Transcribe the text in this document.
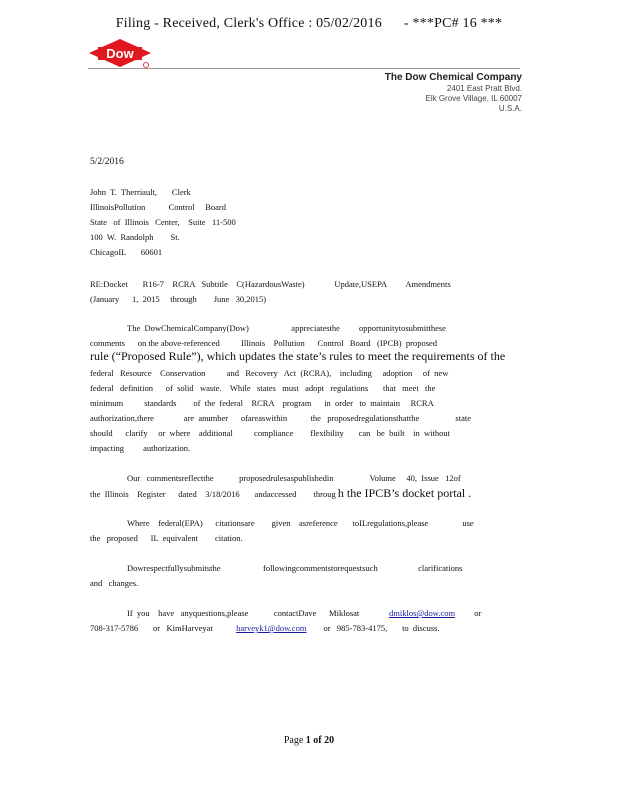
Filing - Received, Clerk's Office : 05/02/2016 - ***PC# 16 ***
Dow
The Dow Chemical Company
2401 East Pratt Blvd.
Elk Grove Village, IL 60007
U.S.A.
5/2/2016
John  T.  Therriault,       Clerk
IllinoisPollution           Control     Board
State   of  Illinois   Center,    Suite   11-500
100  W.  Randolph        St.
ChicagoIL       60601
RE:Docket       R16-7    RCRA   Subtitle    C(HazardousWaste)              Update,USEPA         Amendments
(January      1,  2015     through        June   30,2015)
The  DowChemicalCompany(Dow)                    appreciatesthe         opportunitytosubmitthese
comments      on the above-referenced          Illinois    Pollution      Control   Board   (IPCB)  proposed
rule (“Proposed Rule”), which updates the state’s rules to meet the requirements of the
federal   Resource    Conservation          and   Recovery   Act  (RCRA),    including     adoption     of  new
federal   definition      of  solid   waste.    While   states   must   adopt   regulations       that   meet   the
minimum          standards        of  the  federal    RCRA    program      in  order   to  maintain     RCRA
authorization,there              are  anumber      ofareaswithin           the   proposedregulationsthatthe                 state
should      clarify     or  where    additional          compliance        flexibility       can   be  built    in  without
impacting         authorization.
Our   commentsreflectthe            proposedrulesaspublishedin                 Volume     40,  Issue   12of
the  Illinois    Register      dated    3/18/2016       andaccessed        throug h the IPCB’s docket portal .
Where    federal(EPA)      citationsare        given    asreference       toILregulations,please                use
the   proposed      IL  equivalent        citation.
Dowrespectfullysubmitsthe                    followingcommentstorequestsuch                   clarifications
and   changes.
If  you    have   anyquestions,please            contactDave      Miklosat	dmiklos@dow.com or
708-317-5786       or   KimHarveyat	harveyk1@dow.com or   985-783-4175,       to  discuss.
Page 1 of 20
